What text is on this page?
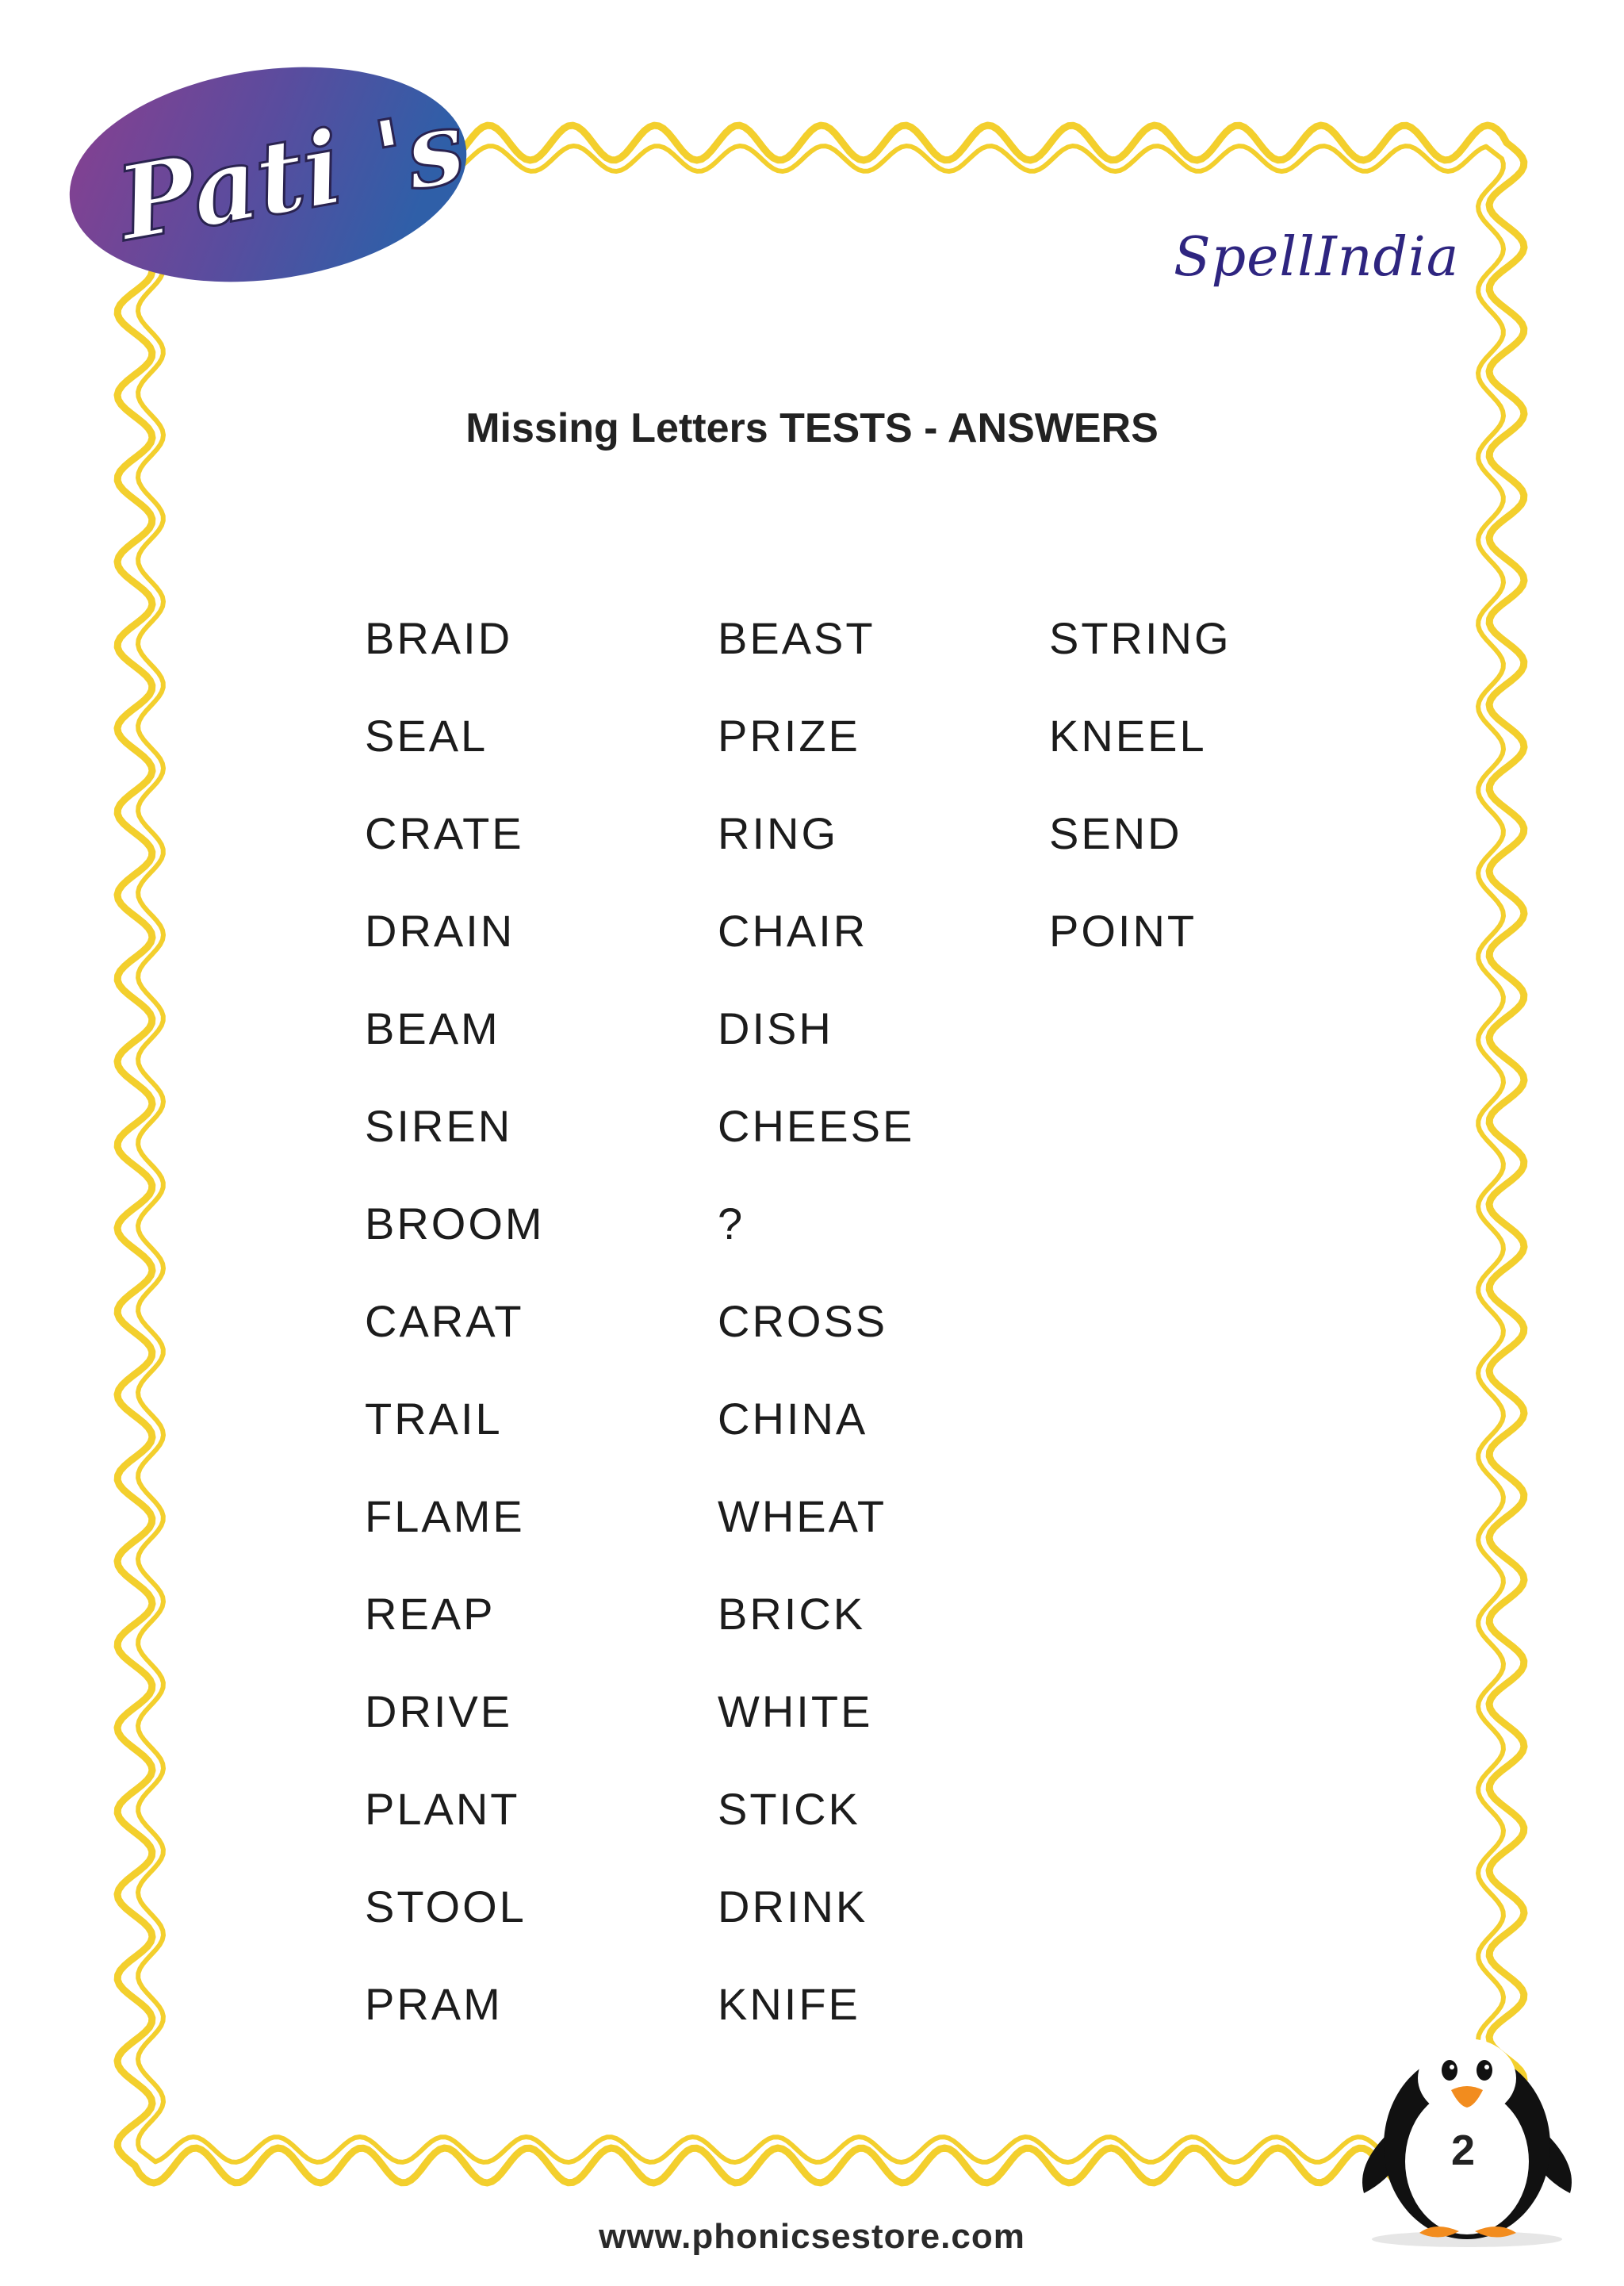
Pati 's	SpellIndia
Missing Letters TESTS - ANSWERS
BRAID
SEAL
CRATE
DRAIN
BEAM
SIREN
BROOM
CARAT
TRAIL
FLAME
REAP
DRIVE
PLANT
STOOL
PRAM
BEAST
PRIZE
RING
CHAIR
DISH
CHEESE
?
CROSS
CHINA
WHEAT
BRICK
WHITE
STICK
DRINK
KNIFE
STRING
KNEEL
SEND
POINT
2
www.phonicsestore.com
